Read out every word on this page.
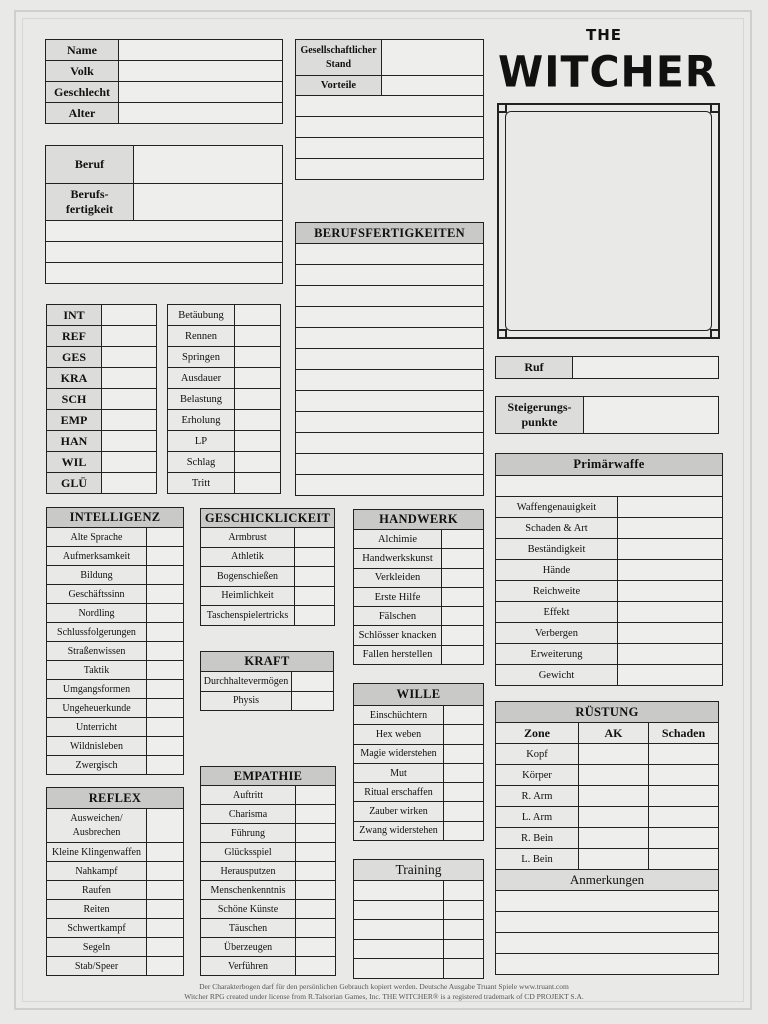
THE
WITCHER
Name	
Volk	
Geschlecht	
Alter	
Gesellschaftlicher
Stand	
Vorteile	

Beruf	
Berufs-
fertigkeit	

BERUFSFERTIGKEITEN

INT	
REF	
GES	
KRA	
SCH	
EMP	
HAN	
WIL	
GLÜ	
Betäubung	
Rennen	
Springen	
Ausdauer	
Belastung	
Erholung	
LP	
Schlag	
Tritt	
Ruf	
Steigerungs-
punkte	
Primärwaffe	

Waffengenauigkeit	
Schaden & Art	
Beständigkeit	
Hände	
Reichweite	
Effekt	
Verbergen	
Erweiterung	
Gewicht	
RÜSTUNG		
Zone	AK	Schaden
Kopf		
Körper		
R. Arm		
L. Arm		
R. Bein		
L. Bein		
Anmerkungen		

INTELLIGENZ	
Alte Sprache	
Aufmerksamkeit	
Bildung	
Geschäftssinn	
Nordling	
Schlussfolgerungen	
Straßenwissen	
Taktik	
Umgangsformen	
Ungeheuerkunde	
Unterricht	
Wildnisleben	
Zwergisch	
REFLEX	
Ausweichen/
Ausbrechen	
Kleine Klingenwaffen	
Nahkampf	
Raufen	
Reiten	
Schwertkampf	
Segeln	
Stab/Speer	
GESCHICKLICKEIT	
Armbrust	
Athletik	
Bogenschießen	
Heimlichkeit	
Taschenspielertricks	
KRAFT	
Durchhaltevermögen	
Physis	
EMPATHIE	
Auftritt	
Charisma	
Führung	
Glücksspiel	
Herausputzen	
Menschenkenntnis	
Schöne Künste	
Täuschen	
Überzeugen	
Verführen	
HANDWERK	
Alchimie	
Handwerkskunst	
Verkleiden	
Erste Hilfe	
Fälschen	
Schlösser knacken	
Fallen herstellen	
WILLE	
Einschüchtern	
Hex weben	
Magie widerstehen	
Mut	
Ritual erschaffen	
Zauber wirken	
Zwang widerstehen	
Training	

Der Charakterbogen darf für den persönlichen Gebrauch kopiert werden. Deutsche Ausgabe Truant Spiele www.truant.com
Witcher RPG created under license from R.Talsorian Games, Inc. THE WITCHER® is a registered trademark of CD PROJEKT S.A.
